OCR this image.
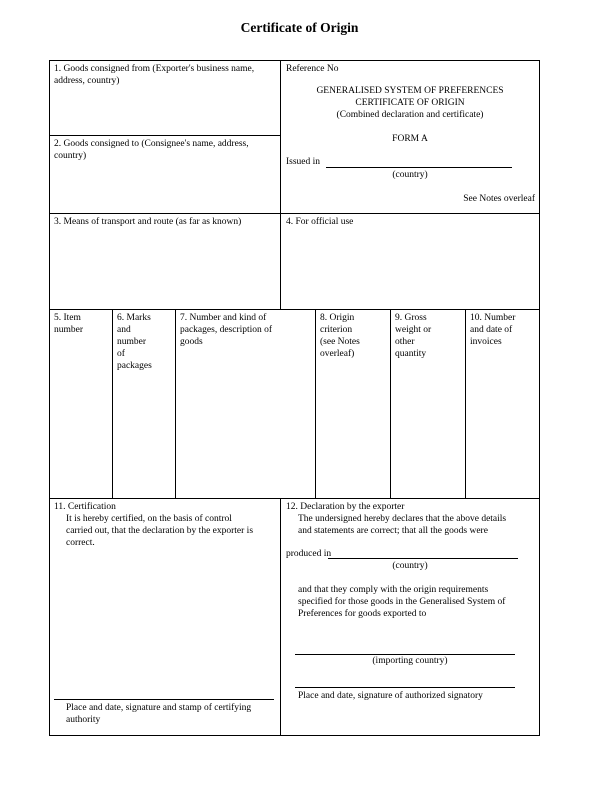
Certificate of Origin
1. Goods consigned from (Exporter's business name,
address, country)
2. Goods consigned to (Consignee's name, address,
country)
Reference No
GENERALISED SYSTEM OF PREFERENCES
CERTIFICATE OF ORIGIN
(Combined declaration and certificate)
FORM A
Issued in
(country)
See Notes overleaf
3. Means of transport and route (as far as known)	4. For official use
5. Item
number
6. Marks
and
number
of
packages
7. Number and kind of
packages, description of
goods
8. Origin
criterion
(see Notes
overleaf)
9. Gross
weight or
other
quantity
10. Number
and date of
invoices
11. Certification
It is hereby certified, on the basis of control
carried out, that the declaration by the exporter is
correct.
Place and date, signature and stamp of certifying
authority
12. Declaration by the exporter
The undersigned hereby declares that the above details
and statements are correct; that all the goods were
produced in
(country)
and that they comply with the origin requirements
specified for those goods in the Generalised System of
Preferences for goods exported to
(importing country)
Place and date, signature of authorized signatory
